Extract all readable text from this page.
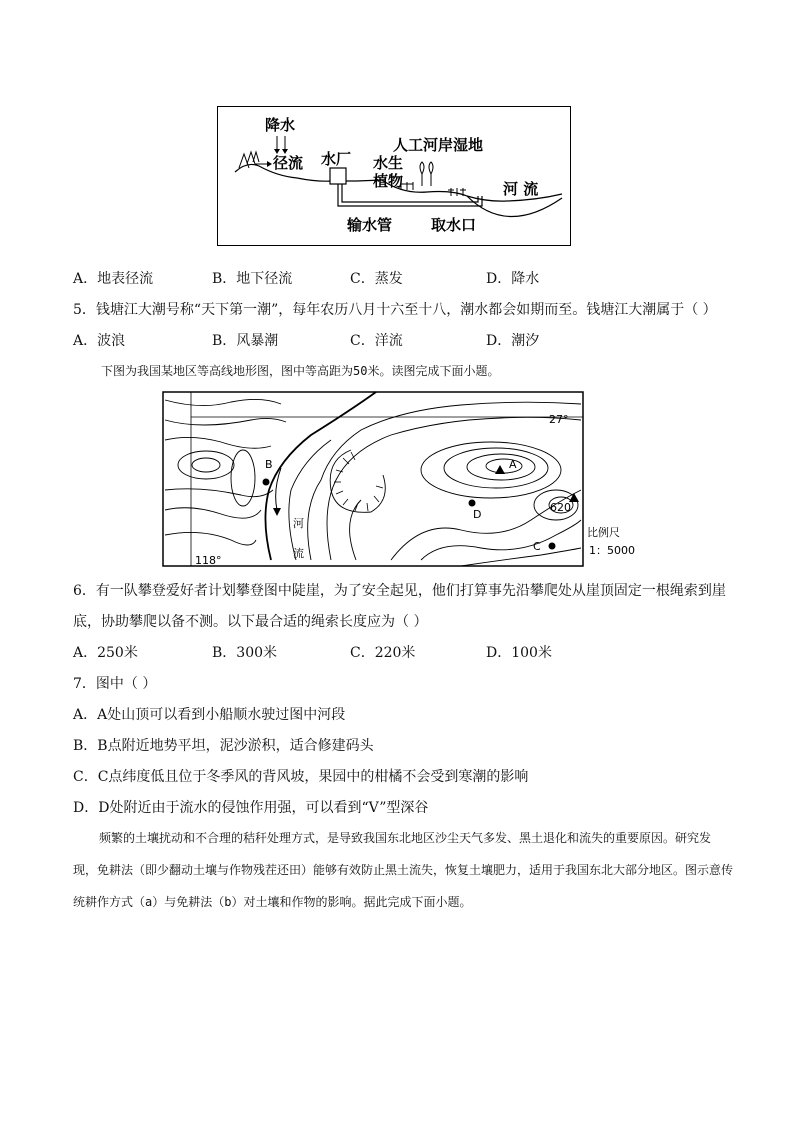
降水
径流 水厂 水生
植物
人工河岸湿地
河 流
输水管	取水口
A．地表径流	B．地下径流	C．蒸发	D．降水
5．钱塘江大潮号称“天下第一潮”，每年农历八月十六至十八，潮水都会如期而至。钱塘江大潮属于（ ）
A．波浪	B．风暴潮	C．洋流	D．潮汐
下图为我国某地区等高线地形图，图中等高距为50米。读图完成下面小题。
27°
118°
A
B
C
D
620
河
流
比例尺
1：5000
6．有一队攀登爱好者计划攀登图中陡崖，为了安全起见，他们打算事先沿攀爬处从崖顶固定一根绳索到崖
底，协助攀爬以备不测。以下最合适的绳索长度应为（ ）
A．250米	B．300米	C．220米	D．100米
7．图中（ ）
A．A处山顶可以看到小船顺水驶过图中河段
B．B点附近地势平坦，泥沙淤积，适合修建码头
C．C点纬度低且位于冬季风的背风坡，果园中的柑橘不会受到寒潮的影响
D．D处附近由于流水的侵蚀作用强，可以看到“V”型深谷
频繁的土壤扰动和不合理的秸秆处理方式，是导致我国东北地区沙尘天气多发、黑土退化和流失的重要原因。研究发现，免耕法（即少翻动土壤与作物残茬还田）能够有效防止黑土流失，恢复土壤肥力，适用于我国东北大部分地区。图示意传统耕作方式（a）与免耕法（b）对土壤和作物的影响。据此完成下面小题。
